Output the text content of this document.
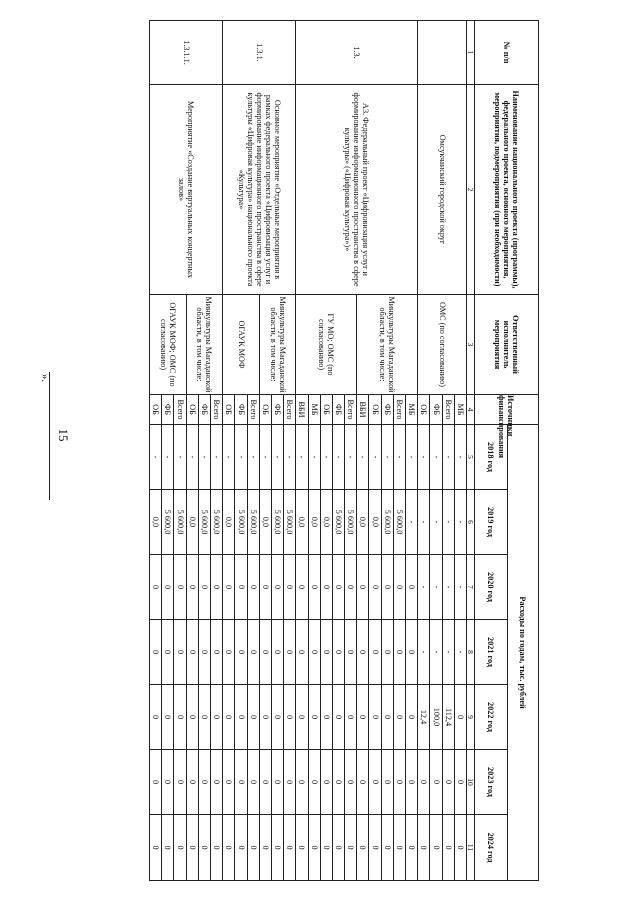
15
».
№ п/п	Наименование национального проекта (программы), федерального проекта, основного мероприятия, мероприятия, подмероприятия (при необходимости)	Ответственный исполнитель мероприятия	Источники финансирования	Расходы по годам, тыс. рублей						
				2018 год	2019 год	2020 год	2021 год	2022 год	2023 год	2024 год
1	2	3	4	5	6	7	8	9	10	11
	Омсукчанский городской округ	ОМС (по согласованию)	МБ	-	-	-	-	0	0	0
			Всего	-	-	-	-	112,4	0	0
			ФБ	-	-	-	-	100,0	0	0
			ОБ	-	-	-	-	12,4	0	0
1.3.	А3. Федеральный проект «Цифровизация услуг и формирование информационного пространства в сфере культуры» («Цифровая культура»)»	Минкультуры Магаданской области, в том числе:	МБ	-	-	0	0	0	0	0
			Всего	-	5 600,0	0	0	0	0	0
			ФБ	-	5 600,0	0	0	0	0	0
			ОБ	-	0,0	0	0	0	0	0
			ВБИ	-	0,0	0	0	0	0	0
		ГУ МО; ОМС (по согласованию)	Всего	-	5 600,0	0	0	0	0	0
			ФБ	-	5 600,0	0	0	0	0	0
			ОБ	-	0,0	0	0	0	0	0
			МБ	-	0,0	0	0	0	0	0
			ВБИ	-	0,0	0	0	0	0	0
1.3.1.	Основное мероприятие «Отдельные мероприятия в рамках федерального проекта «Цифровизация услуг и формирование информационного пространства в сфере культуры «Цифровая культура» национального проекта «Культура»	Минкультуры Магаданской области, в том числе:	Всего	-	5 600,0	0	0	0	0	0
			ФБ	-	5 600,0	0	0	0	0	0
			ОБ	-	0,0	0	0	0	0	0
		ОГАУК МОФ	Всего	-	5 600,0	0	0	0	0	0
			ФБ	-	5 600,0	0	0	0	0	0
			ОБ	-	0,0	0	0	0	0	0
1.3.1.1.	Мероприятие «Создание виртуальных концертных залов»	Минкультуры Магаданской области, в том числе:	Всего	-	5 600,0	0	0	0	0	0
			ФБ	-	5 600,0	0	0	0	0	0
			ОБ	-	0,0	0	0	0	0	0
		ОГАУК МОФ; ОМС (по согласованию)	Всего	-	5 600,0	0	0	0	0	0
			ФБ	-	5 600,0	0	0	0	0	0
			ОБ	-	0,0	0	0	0	0	0
